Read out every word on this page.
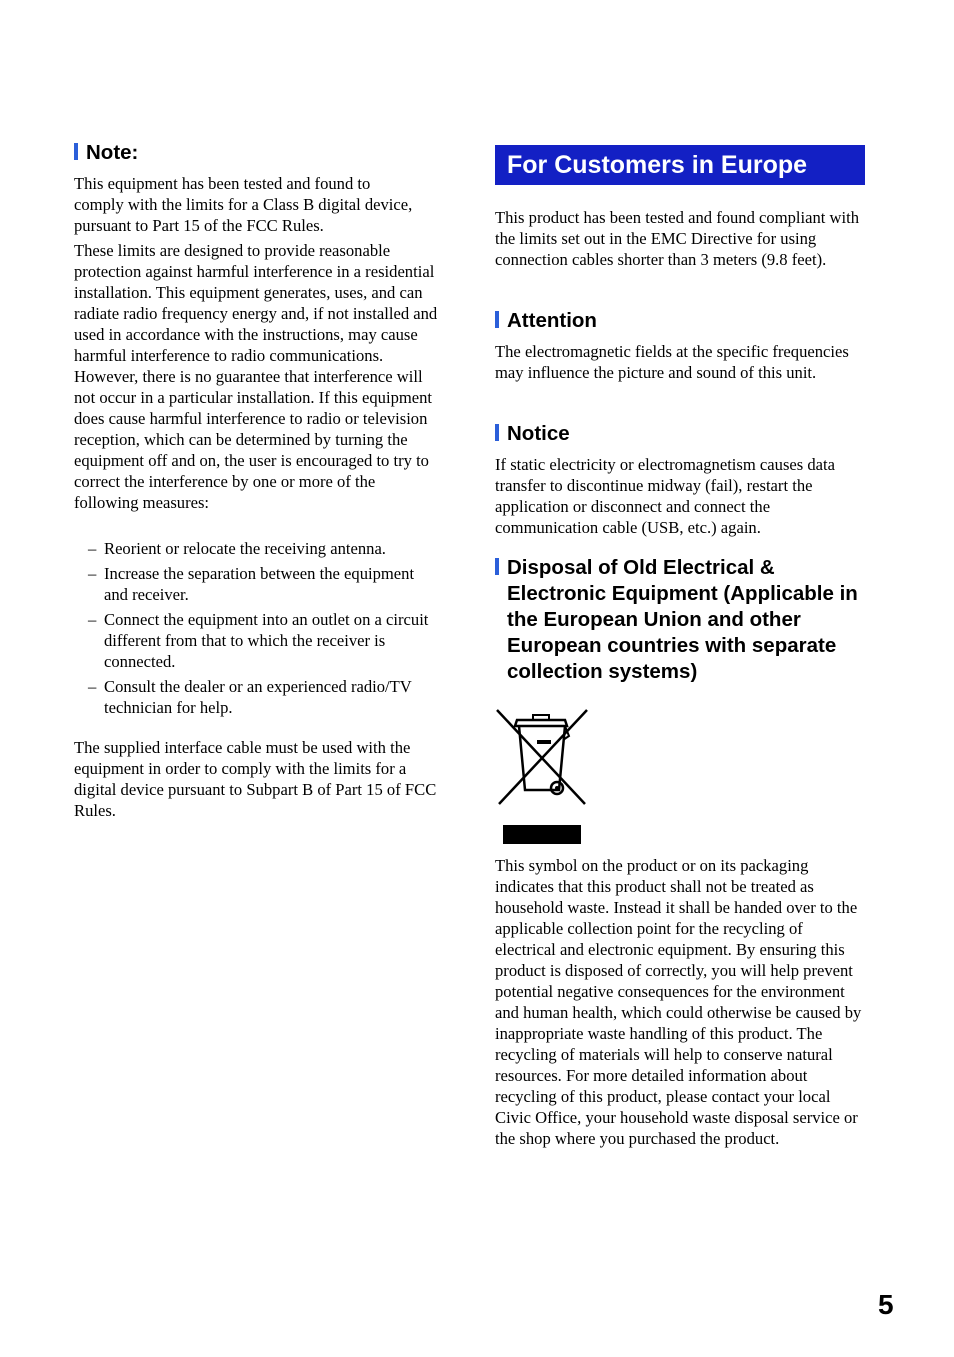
Note:

This equipment has been tested and found to comply with the limits for a Class B digital device, pursuant to Part 15 of the FCC Rules.

These limits are designed to provide reasonable protection against harmful interference in a residential installation. This equipment generates, uses, and can radiate radio frequency energy and, if not installed and used in accordance with the instructions, may cause harmful interference to radio communications. However, there is no guarantee that interference will not occur in a particular installation. If this equipment does cause harmful interference to radio or television reception, which can be determined by turning the equipment off and on, the user is encouraged to try to correct the interference by one or more of the following measures:

– Reorient or relocate the receiving antenna.
– Increase the separation between the equipment and receiver.
– Connect the equipment into an outlet on a circuit different from that to which the receiver is connected.
– Consult the dealer or an experienced radio/TV technician for help.

The supplied interface cable must be used with the equipment in order to comply with the limits for a digital device pursuant to Subpart B of Part 15 of FCC Rules.

For Customers in Europe

This product has been tested and found compliant with the limits set out in the EMC Directive for using connection cables shorter than 3 meters (9.8 feet).

Attention

The electromagnetic fields at the specific frequencies may influence the picture and sound of this unit.

Notice

If static electricity or electromagnetism causes data transfer to discontinue midway (fail), restart the application or disconnect and connect the communication cable (USB, etc.) again.

Disposal of Old Electrical & Electronic Equipment (Applicable in the European Union and other European countries with separate collection systems)

This symbol on the product or on its packaging indicates that this product shall not be treated as household waste. Instead it shall be handed over to the applicable collection point for the recycling of electrical and electronic equipment. By ensuring this product is disposed of correctly, you will help prevent potential negative consequences for the environment and human health, which could otherwise be caused by inappropriate waste handling of this product. The recycling of materials will help to conserve natural resources. For more detailed information about recycling of this product, please contact your local Civic Office, your household waste disposal service or the shop where you purchased the product.

5
